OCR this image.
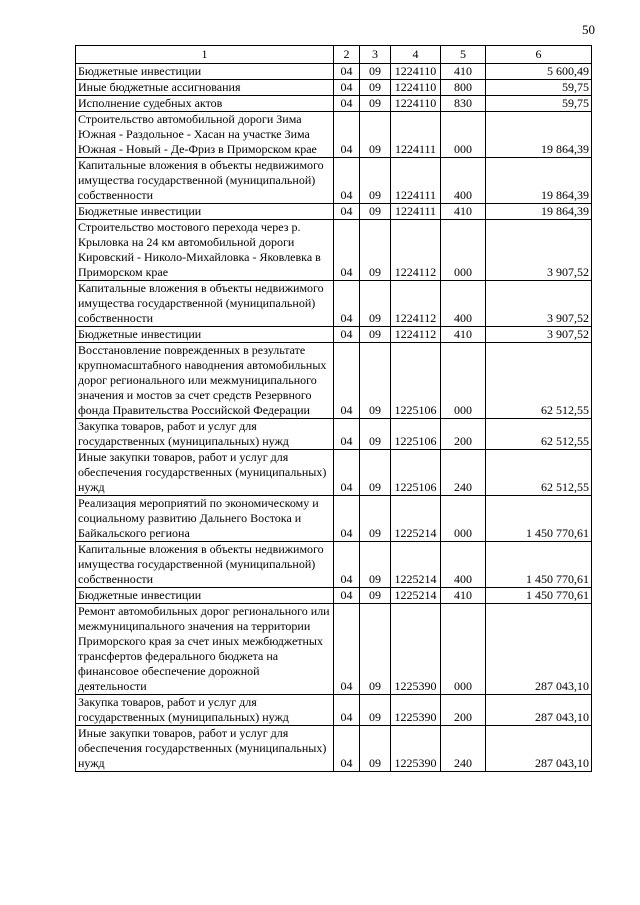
50
1	2	3	4	5	6
Бюджетные инвестиции	04	09	1224110	410	5 600,49
Иные бюджетные ассигнования	04	09	1224110	800	59,75
Исполнение судебных актов	04	09	1224110	830	59,75
Строительство автомобильной дороги Зима Южная - Раздольное - Хасан на участке Зима Южная - Новый - Де-Фриз в Приморском крае	04	09	1224111	000	19 864,39
Капитальные вложения в объекты недвижимого имущества государственной (муниципальной) собственности	04	09	1224111	400	19 864,39
Бюджетные инвестиции	04	09	1224111	410	19 864,39
Строительство мостового перехода через р. Крыловка на 24 км автомобильной дороги Кировский - Николо-Михайловка - Яковлевка в Приморском крае	04	09	1224112	000	3 907,52
Капитальные вложения в объекты недвижимого имущества государственной (муниципальной) собственности	04	09	1224112	400	3 907,52
Бюджетные инвестиции	04	09	1224112	410	3 907,52
Восстановление поврежденных в результате крупномасштабного наводнения автомобильных дорог регионального или межмуниципального значения и мостов за счет средств Резервного фонда Правительства Российской Федерации	04	09	1225106	000	62 512,55
Закупка товаров, работ и услуг для государственных (муниципальных) нужд	04	09	1225106	200	62 512,55
Иные закупки товаров, работ и услуг для обеспечения государственных (муниципальных) нужд	04	09	1225106	240	62 512,55
Реализация мероприятий по экономическому и социальному развитию Дальнего Востока и Байкальского региона	04	09	1225214	000	1 450 770,61
Капитальные вложения в объекты недвижимого имущества государственной (муниципальной) собственности	04	09	1225214	400	1 450 770,61
Бюджетные инвестиции	04	09	1225214	410	1 450 770,61
Ремонт автомобильных дорог регионального или межмуниципального значения на территории Приморского края за счет иных межбюджетных трансфертов федерального бюджета на финансовое обеспечение дорожной деятельности	04	09	1225390	000	287 043,10
Закупка товаров, работ и услуг для государственных (муниципальных) нужд	04	09	1225390	200	287 043,10
Иные закупки товаров, работ и услуг для обеспечения государственных (муниципальных) нужд	04	09	1225390	240	287 043,10
